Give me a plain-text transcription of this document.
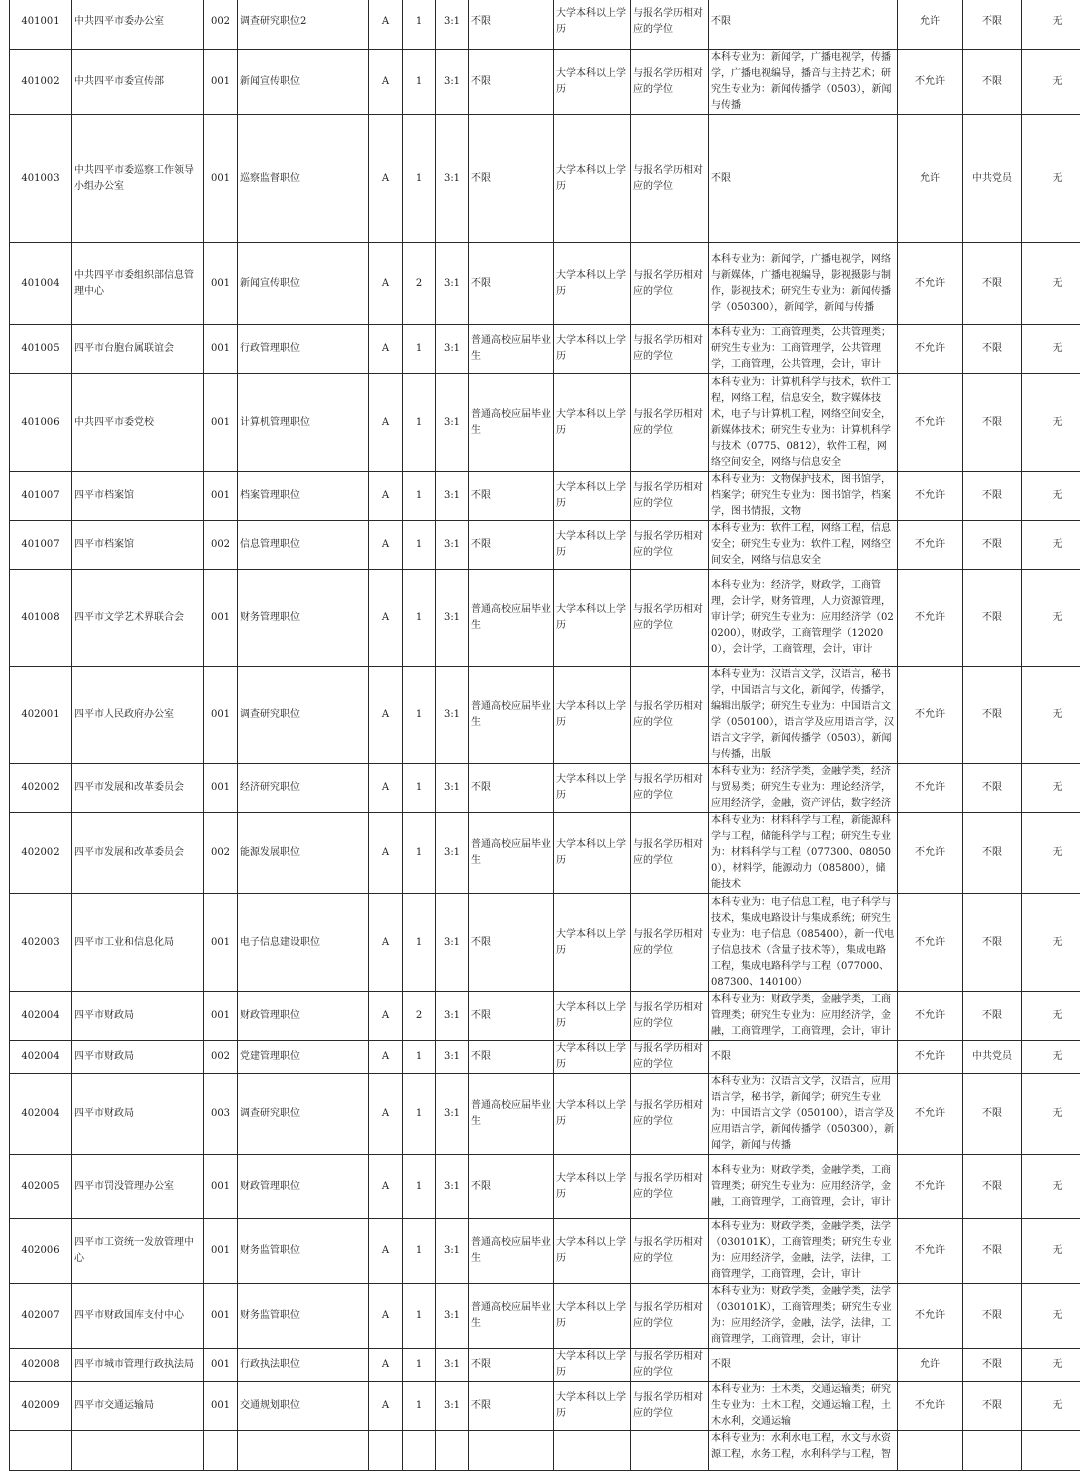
401001	中共四平市委办公室	002	调查研究职位2	A	1	3:1	不限	大学本科以上学历	与报名学历相对应的学位	不限	允许	不限	无
401002	中共四平市委宣传部	001	新闻宣传职位	A	1	3:1	不限	大学本科以上学历	与报名学历相对应的学位	本科专业为：新闻学，广播电视学，传播学，广播电视编导，播音与主持艺术；研究生专业为：新闻传播学（0503），新闻与传播	不允许	不限	无
401003	中共四平市委巡察工作领导小组办公室	001	巡察监督职位	A	1	3:1	不限	大学本科以上学历	与报名学历相对应的学位	不限	允许	中共党员	无
401004	中共四平市委组织部信息管理中心	001	新闻宣传职位	A	2	3:1	不限	大学本科以上学历	与报名学历相对应的学位	本科专业为：新闻学，广播电视学，网络与新媒体，广播电视编导，影视摄影与制作，影视技术；研究生专业为：新闻传播学（050300），新闻学，新闻与传播	不允许	不限	无
401005	四平市台胞台属联谊会	001	行政管理职位	A	1	3:1	普通高校应届毕业生	大学本科以上学历	与报名学历相对应的学位	本科专业为：工商管理类，公共管理类；研究生专业为：工商管理学，公共管理学，工商管理，公共管理，会计，审计	不允许	不限	无
401006	中共四平市委党校	001	计算机管理职位	A	1	3:1	普通高校应届毕业生	大学本科以上学历	与报名学历相对应的学位	本科专业为：计算机科学与技术，软件工程，网络工程，信息安全，数字媒体技术，电子与计算机工程，网络空间安全，新媒体技术；研究生专业为：计算机科学与技术（0775、0812），软件工程，网络空间安全，网络与信息安全	不允许	不限	无
401007	四平市档案馆	001	档案管理职位	A	1	3:1	不限	大学本科以上学历	与报名学历相对应的学位	本科专业为：文物保护技术，图书馆学，档案学；研究生专业为：图书馆学，档案学，图书情报，文物	不允许	不限	无
401007	四平市档案馆	002	信息管理职位	A	1	3:1	不限	大学本科以上学历	与报名学历相对应的学位	本科专业为：软件工程，网络工程，信息安全；研究生专业为：软件工程，网络空间安全，网络与信息安全	不允许	不限	无
401008	四平市文学艺术界联合会	001	财务管理职位	A	1	3:1	普通高校应届毕业生	大学本科以上学历	与报名学历相对应的学位	本科专业为：经济学，财政学，工商管理，会计学，财务管理，人力资源管理，审计学；研究生专业为：应用经济学（020200），财政学，工商管理学（120200），会计学，工商管理，会计，审计	不允许	不限	无
402001	四平市人民政府办公室	001	调查研究职位	A	1	3:1	普通高校应届毕业生	大学本科以上学历	与报名学历相对应的学位	本科专业为：汉语言文学，汉语言，秘书学，中国语言与文化，新闻学，传播学，编辑出版学；研究生专业为：中国语言文学（050100），语言学及应用语言学，汉语言文字学，新闻传播学（0503），新闻与传播，出版	不允许	不限	无
402002	四平市发展和改革委员会	001	经济研究职位	A	1	3:1	不限	大学本科以上学历	与报名学历相对应的学位	本科专业为：经济学类，金融学类，经济与贸易类；研究生专业为：理论经济学，应用经济学，金融，资产评估，数字经济	不允许	不限	无
402002	四平市发展和改革委员会	002	能源发展职位	A	1	3:1	普通高校应届毕业生	大学本科以上学历	与报名学历相对应的学位	本科专业为：材料科学与工程，新能源科学与工程，储能科学与工程；研究生专业为：材料科学与工程（077300、080500），材料学，能源动力（085800），储能技术	不允许	不限	无
402003	四平市工业和信息化局	001	电子信息建设职位	A	1	3:1	不限	大学本科以上学历	与报名学历相对应的学位	本科专业为：电子信息工程，电子科学与技术，集成电路设计与集成系统；研究生专业为：电子信息（085400），新一代电子信息技术（含量子技术等），集成电路工程，集成电路科学与工程（077000、087300、140100）	不允许	不限	无
402004	四平市财政局	001	财政管理职位	A	2	3:1	不限	大学本科以上学历	与报名学历相对应的学位	本科专业为：财政学类，金融学类，工商管理类；研究生专业为：应用经济学，金融，工商管理学，工商管理，会计，审计	不允许	不限	无
402004	四平市财政局	002	党建管理职位	A	1	3:1	不限	大学本科以上学历	与报名学历相对应的学位	不限	不允许	中共党员	无
402004	四平市财政局	003	调查研究职位	A	1	3:1	普通高校应届毕业生	大学本科以上学历	与报名学历相对应的学位	本科专业为：汉语言文学，汉语言，应用语言学，秘书学，新闻学；研究生专业为：中国语言文学（050100），语言学及应用语言学，新闻传播学（050300），新闻学，新闻与传播	不允许	不限	无
402005	四平市罚没管理办公室	001	财政管理职位	A	1	3:1	不限	大学本科以上学历	与报名学历相对应的学位	本科专业为：财政学类，金融学类，工商管理类；研究生专业为：应用经济学，金融，工商管理学，工商管理，会计，审计	不允许	不限	无
402006	四平市工资统一发放管理中心	001	财务监管职位	A	1	3:1	普通高校应届毕业生	大学本科以上学历	与报名学历相对应的学位	本科专业为：财政学类，金融学类，法学（030101K），工商管理类；研究生专业为：应用经济学，金融，法学，法律，工商管理学，工商管理，会计，审计	不允许	不限	无
402007	四平市财政国库支付中心	001	财务监管职位	A	1	3:1	普通高校应届毕业生	大学本科以上学历	与报名学历相对应的学位	本科专业为：财政学类，金融学类，法学（030101K），工商管理类；研究生专业为：应用经济学，金融，法学，法律，工商管理学，工商管理，会计，审计	不允许	不限	无
402008	四平市城市管理行政执法局	001	行政执法职位	A	1	3:1	不限	大学本科以上学历	与报名学历相对应的学位	不限	允许	不限	无
402009	四平市交通运输局	001	交通规划职位	A	1	3:1	不限	大学本科以上学历	与报名学历相对应的学位	本科专业为：土木类，交通运输类；研究生专业为：土木工程，交通运输工程，土木水利，交通运输	不允许	不限	无
										本科专业为：水利水电工程，水文与水资源工程，水务工程，水利科学与工程，智			
